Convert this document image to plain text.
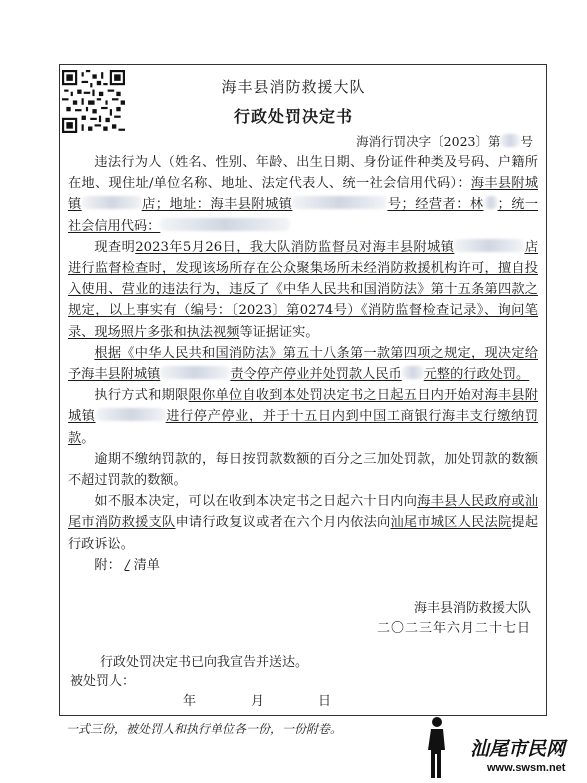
海丰县消防救援大队
行政处罚决定书
海消行罚决字〔2023〕第 号

违法行为人（姓名、性别、年龄、出生日期、身份证件种类及号码、户籍所在地、现住址/单位名称、地址、法定代表人、统一社会信用代码）：海丰县附城镇	店；地址：海丰县附城镇	号；经营者：林 ；统一社会信用代码：

现查明2023年5月26日，我大队消防监督员对海丰县附城镇	店进行监督检查时，发现该场所存在公众聚集场所未经消防救援机构许可，擅自投入使用、营业的违法行为，违反了《中华人民共和国消防法》第十五条第四款之规定，以上事实有（编号：〔2023〕第0274号）《消防监督检查记录》、询问笔录、现场照片多张和执法视频等证据证实。

根据《中华人民共和国消防法》第五十八条第一款第四项之规定，现决定给予海丰县附城镇	责令停产停业并处罚款人民币 元整的行政处罚。

执行方式和期限限你单位自收到本处罚决定书之日起五日内开始对海丰县附城镇	进行停产停业，并于十五日内到中国工商银行海丰支行缴纳罚款。

逾期不缴纳罚款的，每日按罚款数额的百分之三加处罚款，加处罚款的数额不超过罚款的数额。

如不服本决定，可以在收到本决定书之日起六十日内向海丰县人民政府或汕尾市消防救援支队申请行政复议或者在六个月内依法向汕尾市城区人民法院提起行政诉讼。

附： / 清单

海丰县消防救援大队
二〇二三年六月二十七日
行政处罚决定书已向我宣告并送达。
被处罚人：
年	月	日
一式三份，被处罚人和执行单位各一份，一份附卷。
汕尾市民网
www.swsm.net
